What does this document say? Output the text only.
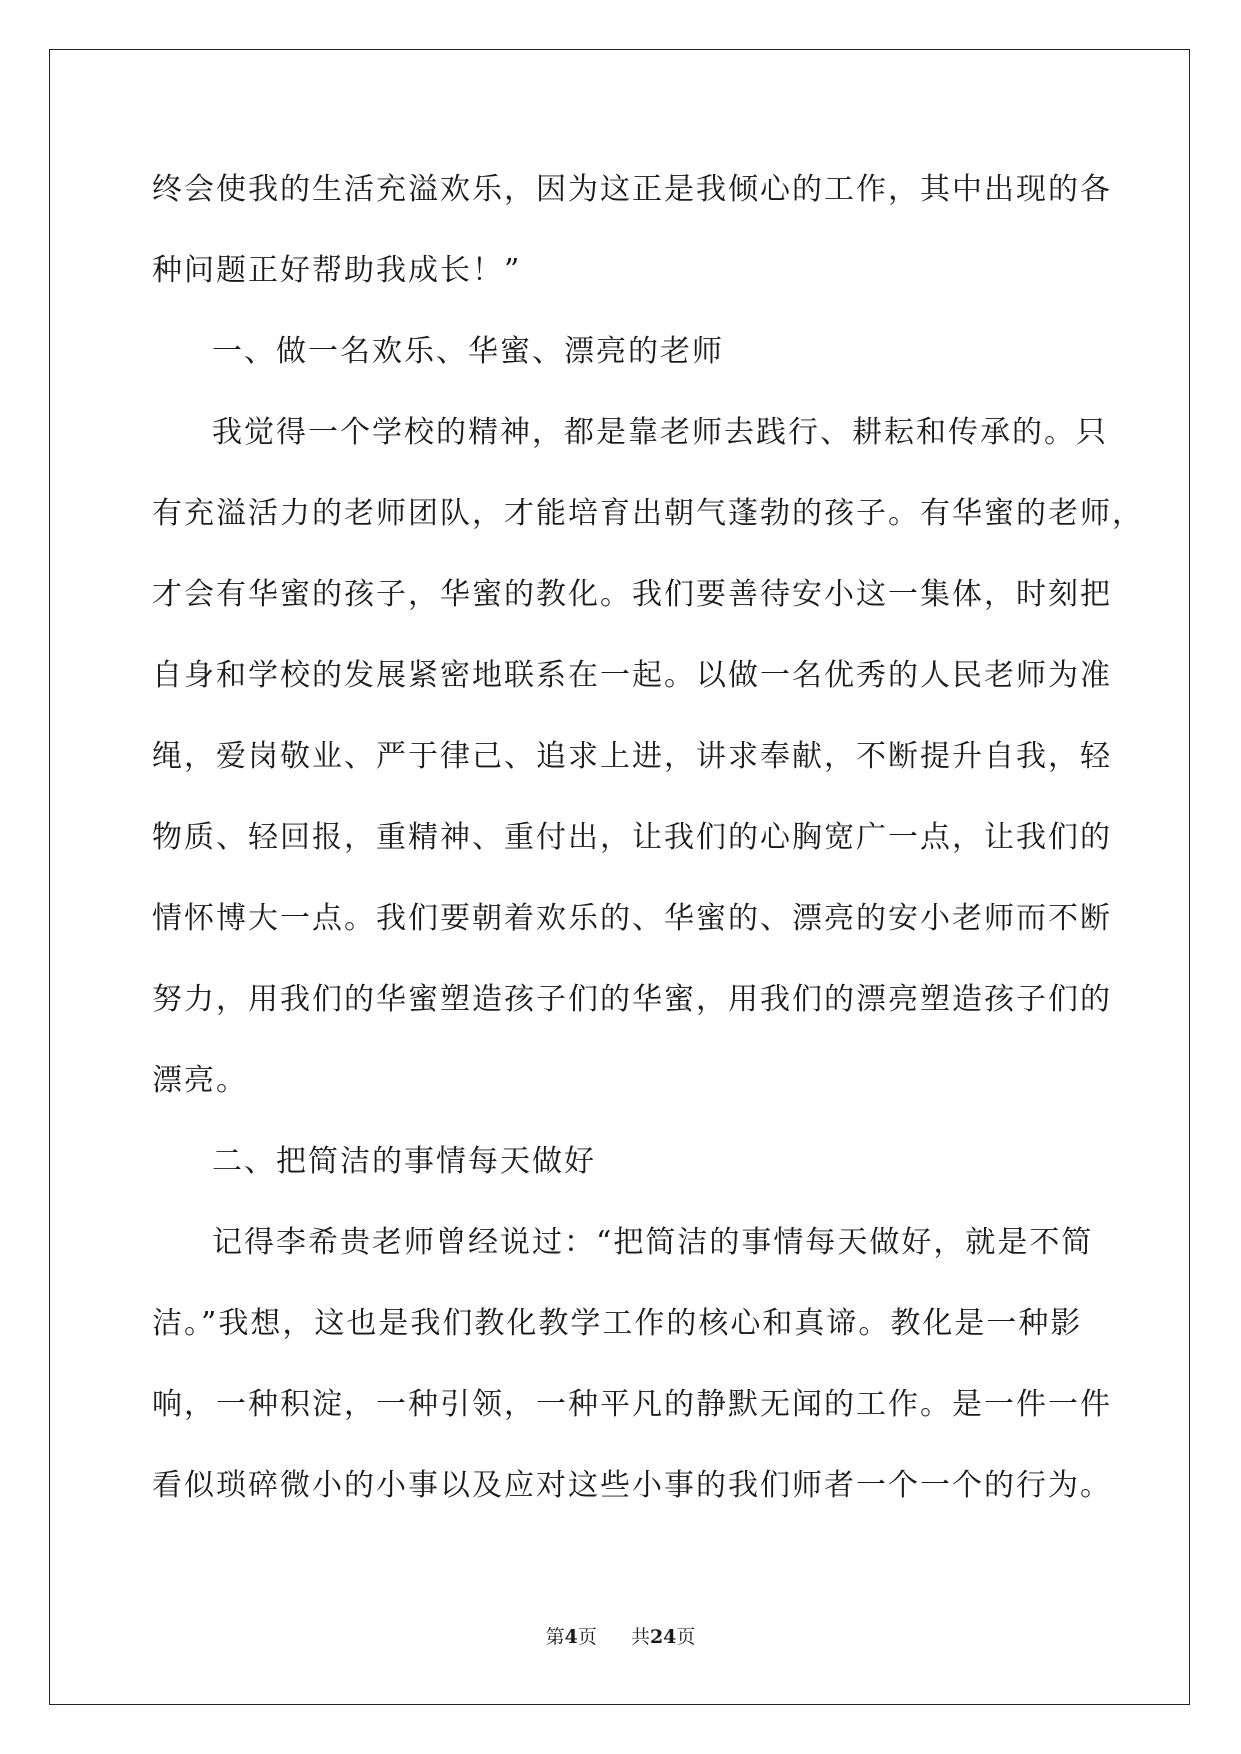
终会使我的生活充溢欢乐，因为这正是我倾心的工作，其中出现的各
种问题正好帮助我成长！”
一、做一名欢乐、华蜜、漂亮的老师
我觉得一个学校的精神，都是靠老师去践行、耕耘和传承的。只
有充溢活力的老师团队，才能培育出朝气蓬勃的孩子。有华蜜的老师，
才会有华蜜的孩子，华蜜的教化。我们要善待安小这一集体，时刻把
自身和学校的发展紧密地联系在一起。以做一名优秀的人民老师为准
绳，爱岗敬业、严于律己、追求上进，讲求奉献，不断提升自我，轻
物质、轻回报，重精神、重付出，让我们的心胸宽广一点，让我们的
情怀博大一点。我们要朝着欢乐的、华蜜的、漂亮的安小老师而不断
努力，用我们的华蜜塑造孩子们的华蜜，用我们的漂亮塑造孩子们的
漂亮。
二、把简洁的事情每天做好
记得李希贵老师曾经说过：“把简洁的事情每天做好，就是不简
洁。”我想，这也是我们教化教学工作的核心和真谛。教化是一种影
响，一种积淀，一种引领，一种平凡的静默无闻的工作。是一件一件
看似琐碎微小的小事以及应对这些小事的我们师者一个一个的行为。
第4页 共24页
